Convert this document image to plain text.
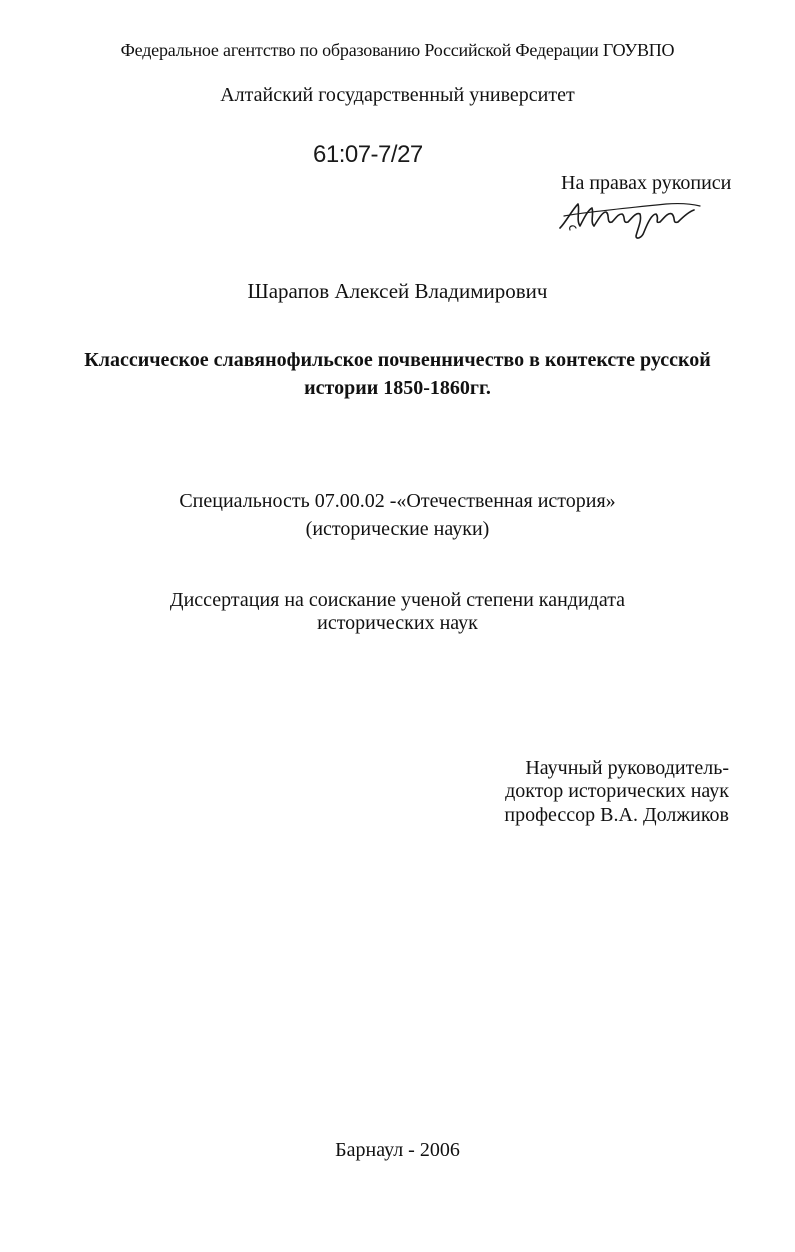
Федеральное агентство по образованию Российской Федерации ГОУВПО
Алтайский государственный университет
61:07-7/27
На правах рукописи
Шарапов Алексей Владимирович
Классическое славянофильское почвенничество в контексте русской
истории 1850-1860гг.
Специальность 07.00.02 -«Отечественная история»
(исторические науки)
Диссертация на соискание ученой степени кандидата
исторических наук
Научный руководитель-
доктор исторических наук
профессор В.А. Должиков
Барнаул - 2006
